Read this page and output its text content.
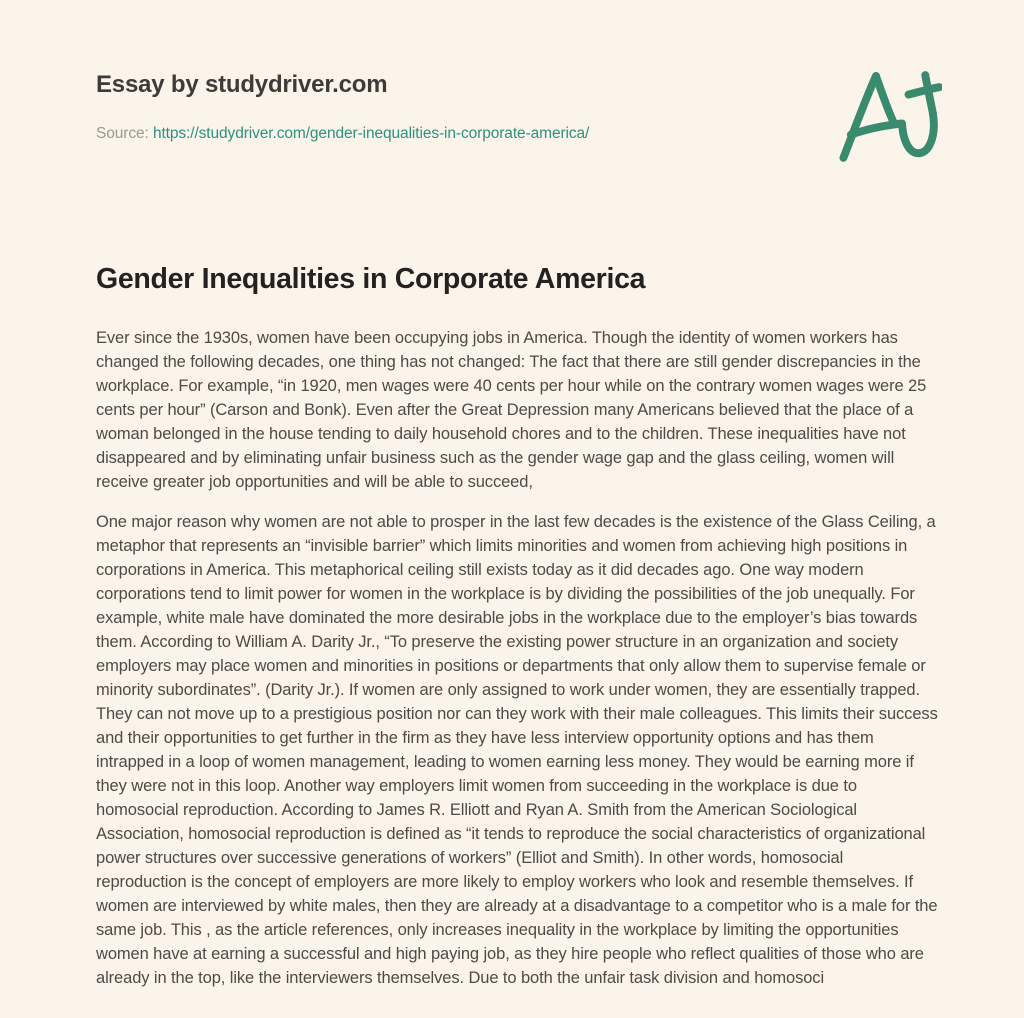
Essay by studydriver.com
Source: https://studydriver.com/gender-inequalities-in-corporate-america/
Gender Inequalities in Corporate America

Ever since the 1930s, women have been occupying jobs in America. Though the identity of women workers has changed the following decades, one thing has not changed: The fact that there are still gender discrepancies in the workplace. For example, “in 1920, men wages were 40 cents per hour while on the contrary women wages were 25 cents per hour” (Carson and Bonk). Even after the Great Depression many Americans believed that the place of a woman belonged in the house tending to daily household chores and to the children. These inequalities have not disappeared and by eliminating unfair business such as the gender wage gap and the glass ceiling, women will receive greater job opportunities and will be able to succeed,

One major reason why women are not able to prosper in the last few decades is the existence of the Glass Ceiling, a metaphor that represents an “invisible barrier” which limits minorities and women from achieving high positions in corporations in America. This metaphorical ceiling still exists today as it did decades ago. One way modern corporations tend to limit power for women in the workplace is by dividing the possibilities of the job unequally. For example, white male have dominated the more desirable jobs in the workplace due to the employer’s bias towards them. According to William A. Darity Jr., “To preserve the existing power structure in an organization and society employers may place women and minorities in positions or departments that only allow them to supervise female or minority subordinates”. (Darity Jr.). If women are only assigned to work under women, they are essentially trapped. They can not move up to a prestigious position nor can they work with their male colleagues. This limits their success and their opportunities to get further in the firm as they have less interview opportunity options and has them intrapped in a loop of women management, leading to women earning less money. They would be earning more if they were not in this loop. Another way employers limit women from succeeding in the workplace is due to homosocial reproduction. According to James R. Elliott and Ryan A. Smith from the American Sociological Association, homosocial reproduction is defined as “it tends to reproduce the social characteristics of organizational power structures over successive generations of workers” (Elliot and Smith). In other words, homosocial reproduction is the concept of employers are more likely to employ workers who look and resemble themselves. If women are interviewed by white males, then they are already at a disadvantage to a competitor who is a male for the same job. This , as the article references, only increases inequality in the workplace by limiting the opportunities women have at earning a successful and high paying job, as they hire people who reflect qualities of those who are already in the top, like the interviewers themselves. Due to both the unfair task division and homosoci
